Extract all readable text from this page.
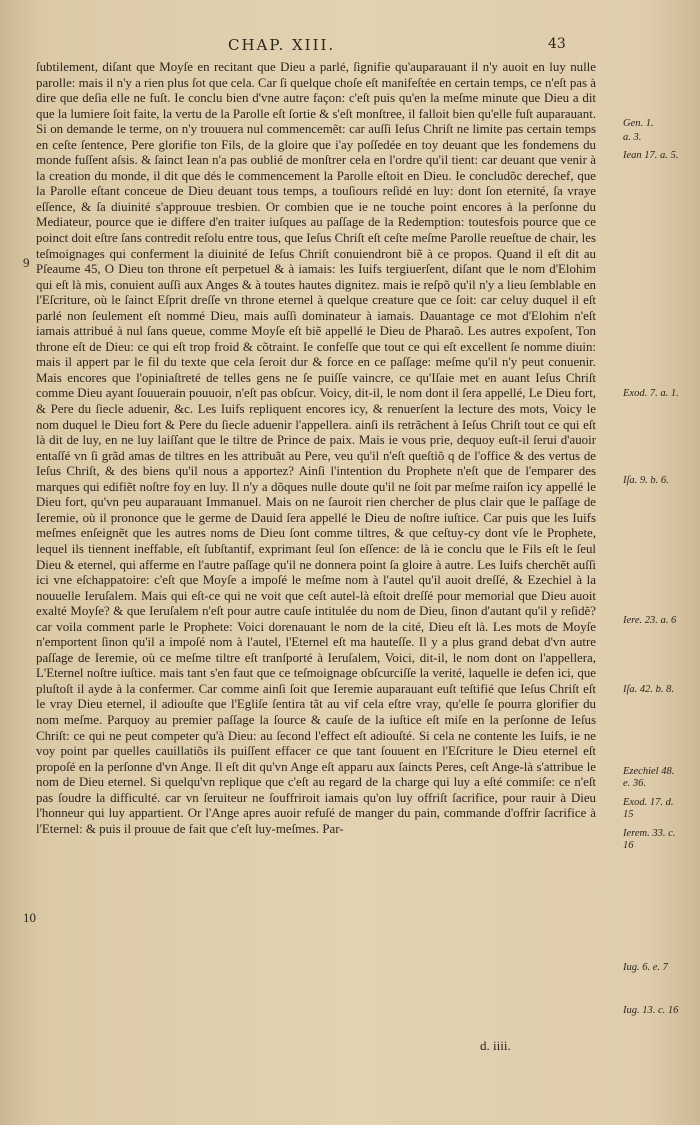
CHAP. XIII.	43
9
10
ſubtilement, diſant que Moyſe en recitant que Dieu a parlé, ſignifie qu'auparauant il n'y auoit en luy nulle parolle: mais il n'y a rien plus ſot que cela. Car ſi quelque choſe eſt manifeſtée en certain temps, ce n'eſt pas à dire que deſia elle ne fuſt. Ie conclu bien d'vne autre façon: c'eſt puis qu'en la meſme minute que Dieu a dit que la lumiere ſoit faite, la vertu de la Parolle eſt ſortie & s'eſt monſtree, il falloit bien qu'elle fuſt auparauant. Si on demande le terme, on n'y trouuera nul commencemẽt: car auſſi Ieſus Chriſt ne limite pas certain temps en ceſte ſentence, Pere glorifie ton Fils, de la gloire que i'ay poſſedée en toy deuant que les fondemens du monde fuſſent aſsis. & ſainct Iean n'a pas oublié de monſtrer cela en l'ordre qu'il tient: car deuant que venir à la creation du monde, il dit que dés le commencement la Parolle eſtoit en Dieu. Ie concludõc derechef, que la Parolle eſtant conceue de Dieu deuant tous temps, a touſiours reſidé en luy: dont ſon eternité, ſa vraye eſſence, & ſa diuinité s'approuue tresbien. Or combien que ie ne touche point encores à la perſonne du Mediateur, pource que ie differe d'en traiter iuſques au paſſage de la Redemption: toutesfois pource que ce poinct doit eſtre ſans contredit reſolu entre tous, que Ieſus Chriſt eſt ceſte meſme Parolle reueſtue de chair, les teſmoignages qui conferment la diuinité de Ieſus Chriſt conuiendront biẽ à ce propos. Quand il eſt dit au Pſeaume 45, O Dieu ton throne eſt perpetuel & à iamais: les Iuifs tergiuerſent, diſant que le nom d'Elohim qui eſt là mis, conuient auſſi aux Anges & à toutes hautes dignitez. mais ie reſpõ qu'il n'y a lieu ſemblable en l'Eſcriture, où le ſainct Eſprit dreſſe vn throne eternel à quelque creature que ce ſoit: car celuy duquel il eſt parlé non ſeulement eſt nommé Dieu, mais auſſi dominateur à iamais. Dauantage ce mot d'Elohim n'eſt iamais attribué à nul ſans queue, comme Moyſe eſt biẽ appellé le Dieu de Pharaõ. Les autres expoſent, Ton throne eſt de Dieu: ce qui eſt trop froid & cõtraint. Ie confeſſe que tout ce qui eſt excellent ſe nomme diuin: mais il appert par le fil du texte que cela ſeroit dur & force en ce paſſage: meſme qu'il n'y peut conuenir. Mais encores que l'opiniaſtreté de telles gens ne ſe puiſſe vaincre, ce qu'Iſaie met en auant Ieſus Chriſt comme Dieu ayant ſouuerain pouuoir, n'eſt pas obſcur. Voicy, dit-il, le nom dont il ſera appellé, Le Dieu fort, & Pere du ſiecle aduenir, &c. Les Iuifs repliquent encores icy, & renuerſent la lecture des mots, Voicy le nom duquel le Dieu fort & Pere du ſiecle aduenir l'appellera. ainſi ils retrãchent à Ieſus Chriſt tout ce qui eſt là dit de luy, en ne luy laiſſant que le tiltre de Prince de paix. Mais ie vous prie, dequoy euſt-il ſerui d'auoir entaſſé vn ſi grãd amas de tiltres en les attribuãt au Pere, veu qu'il n'eſt queſtiõ q de l'office & des vertus de Ieſus Chriſt, & des biens qu'il nous a apportez? Ainſi l'intention du Prophete n'eſt que de l'emparer des marques qui edifiẽt noſtre foy en luy. Il n'y a dõques nulle doute qu'il ne ſoit par meſme raiſon icy appellé le Dieu fort, qu'vn peu auparauant Immanuel. Mais on ne ſauroit rien chercher de plus clair que le paſſage de Ieremie, où il prononce que le germe de Dauid ſera appellé le Dieu de noſtre iuſtice. Car puis que les Iuifs meſmes enſeignẽt que les autres noms de Dieu ſont comme tiltres, & que ceſtuy-cy dont vſe le Prophete, lequel ils tiennent ineffable, eſt ſubſtantif, exprimant ſeul ſon eſſence: de là ie conclu que le Fils eſt le ſeul Dieu & eternel, qui afferme en l'autre paſſage qu'il ne donnera point ſa gloire à autre. Les Iuifs cherchẽt auſſi ici vne eſchappatoire: c'eſt que Moyſe a impoſé le meſme nom à l'autel qu'il auoit dreſſé, & Ezechiel à la nouuelle Ieruſalem. Mais qui eſt-ce qui ne voit que ceſt autel-là eſtoit dreſſé pour memorial que Dieu auoit exalté Moyſe? & que Ieruſalem n'eſt pour autre cauſe intitulée du nom de Dieu, ſinon d'autant qu'il y reſidẽ? car voila comment parle le Prophete: Voici dorenauant le nom de la cité, Dieu eſt là. Les mots de Moyſe n'emportent ſinon qu'il a impoſé nom à l'autel, l'Eternel eſt ma hauteſſe. Il y a plus grand debat d'vn autre paſſage de Ieremie, où ce meſme tiltre eſt tranſporté à Ieruſalem, Voici, dit-il, le nom dont on l'appellera, L'Eternel noſtre iuſtice. mais tant s'en faut que ce teſmoignage obſcurciſſe la verité, laquelle ie defen ici, que pluſtoſt il ayde à la confermer. Car comme ainſi ſoit que Ieremie auparauant euſt teſtifié que Ieſus Chriſt eſt le vray Dieu eternel, il adiouſte que l'Egliſe ſentira tãt au vif cela eſtre vray, qu'elle ſe pourra glorifier du nom meſme. Parquoy au premier paſſage la ſource & cauſe de la iuſtice eſt miſe en la perſonne de Ieſus Chriſt: ce qui ne peut competer qu'à Dieu: au ſecond l'effect eſt adiouſté. Si cela ne contente les Iuifs, ie ne voy point par quelles cauillatiõs ils puiſſent effacer ce que tant ſouuent en l'Eſcriture le Dieu eternel eſt propoſé en la perſonne d'vn Ange. Il eſt dit qu'vn Ange eſt apparu aux ſaincts Peres, ceſt Ange-là s'attribue le nom de Dieu eternel. Si quelqu'vn replique que c'eſt au regard de la charge qui luy a eſté commiſe: ce n'eſt pas ſoudre la difficulté. car vn ſeruiteur ne ſouffriroit iamais qu'on luy offriſt ſacrifice, pour rauir à Dieu l'honneur qui luy appartient. Or l'Ange apres auoir refuſé de manger du pain, commande d'offrir ſacrifice à l'Eternel: & puis il prouue de fait que c'eſt luy-meſmes. Par-
Gen. 1.
a. 3.
Iean 17. a. 5.
Exod. 7. a. 1.
Iſa. 9. b. 6.
Iere. 23. a. 6
Iſa. 42. b. 8.
Ezechiel 48. e. 36.
Exod. 17. d. 15
Ierem. 33. c. 16
Iug. 6. e. 7
Iug. 13. c. 16
d. iiii.
